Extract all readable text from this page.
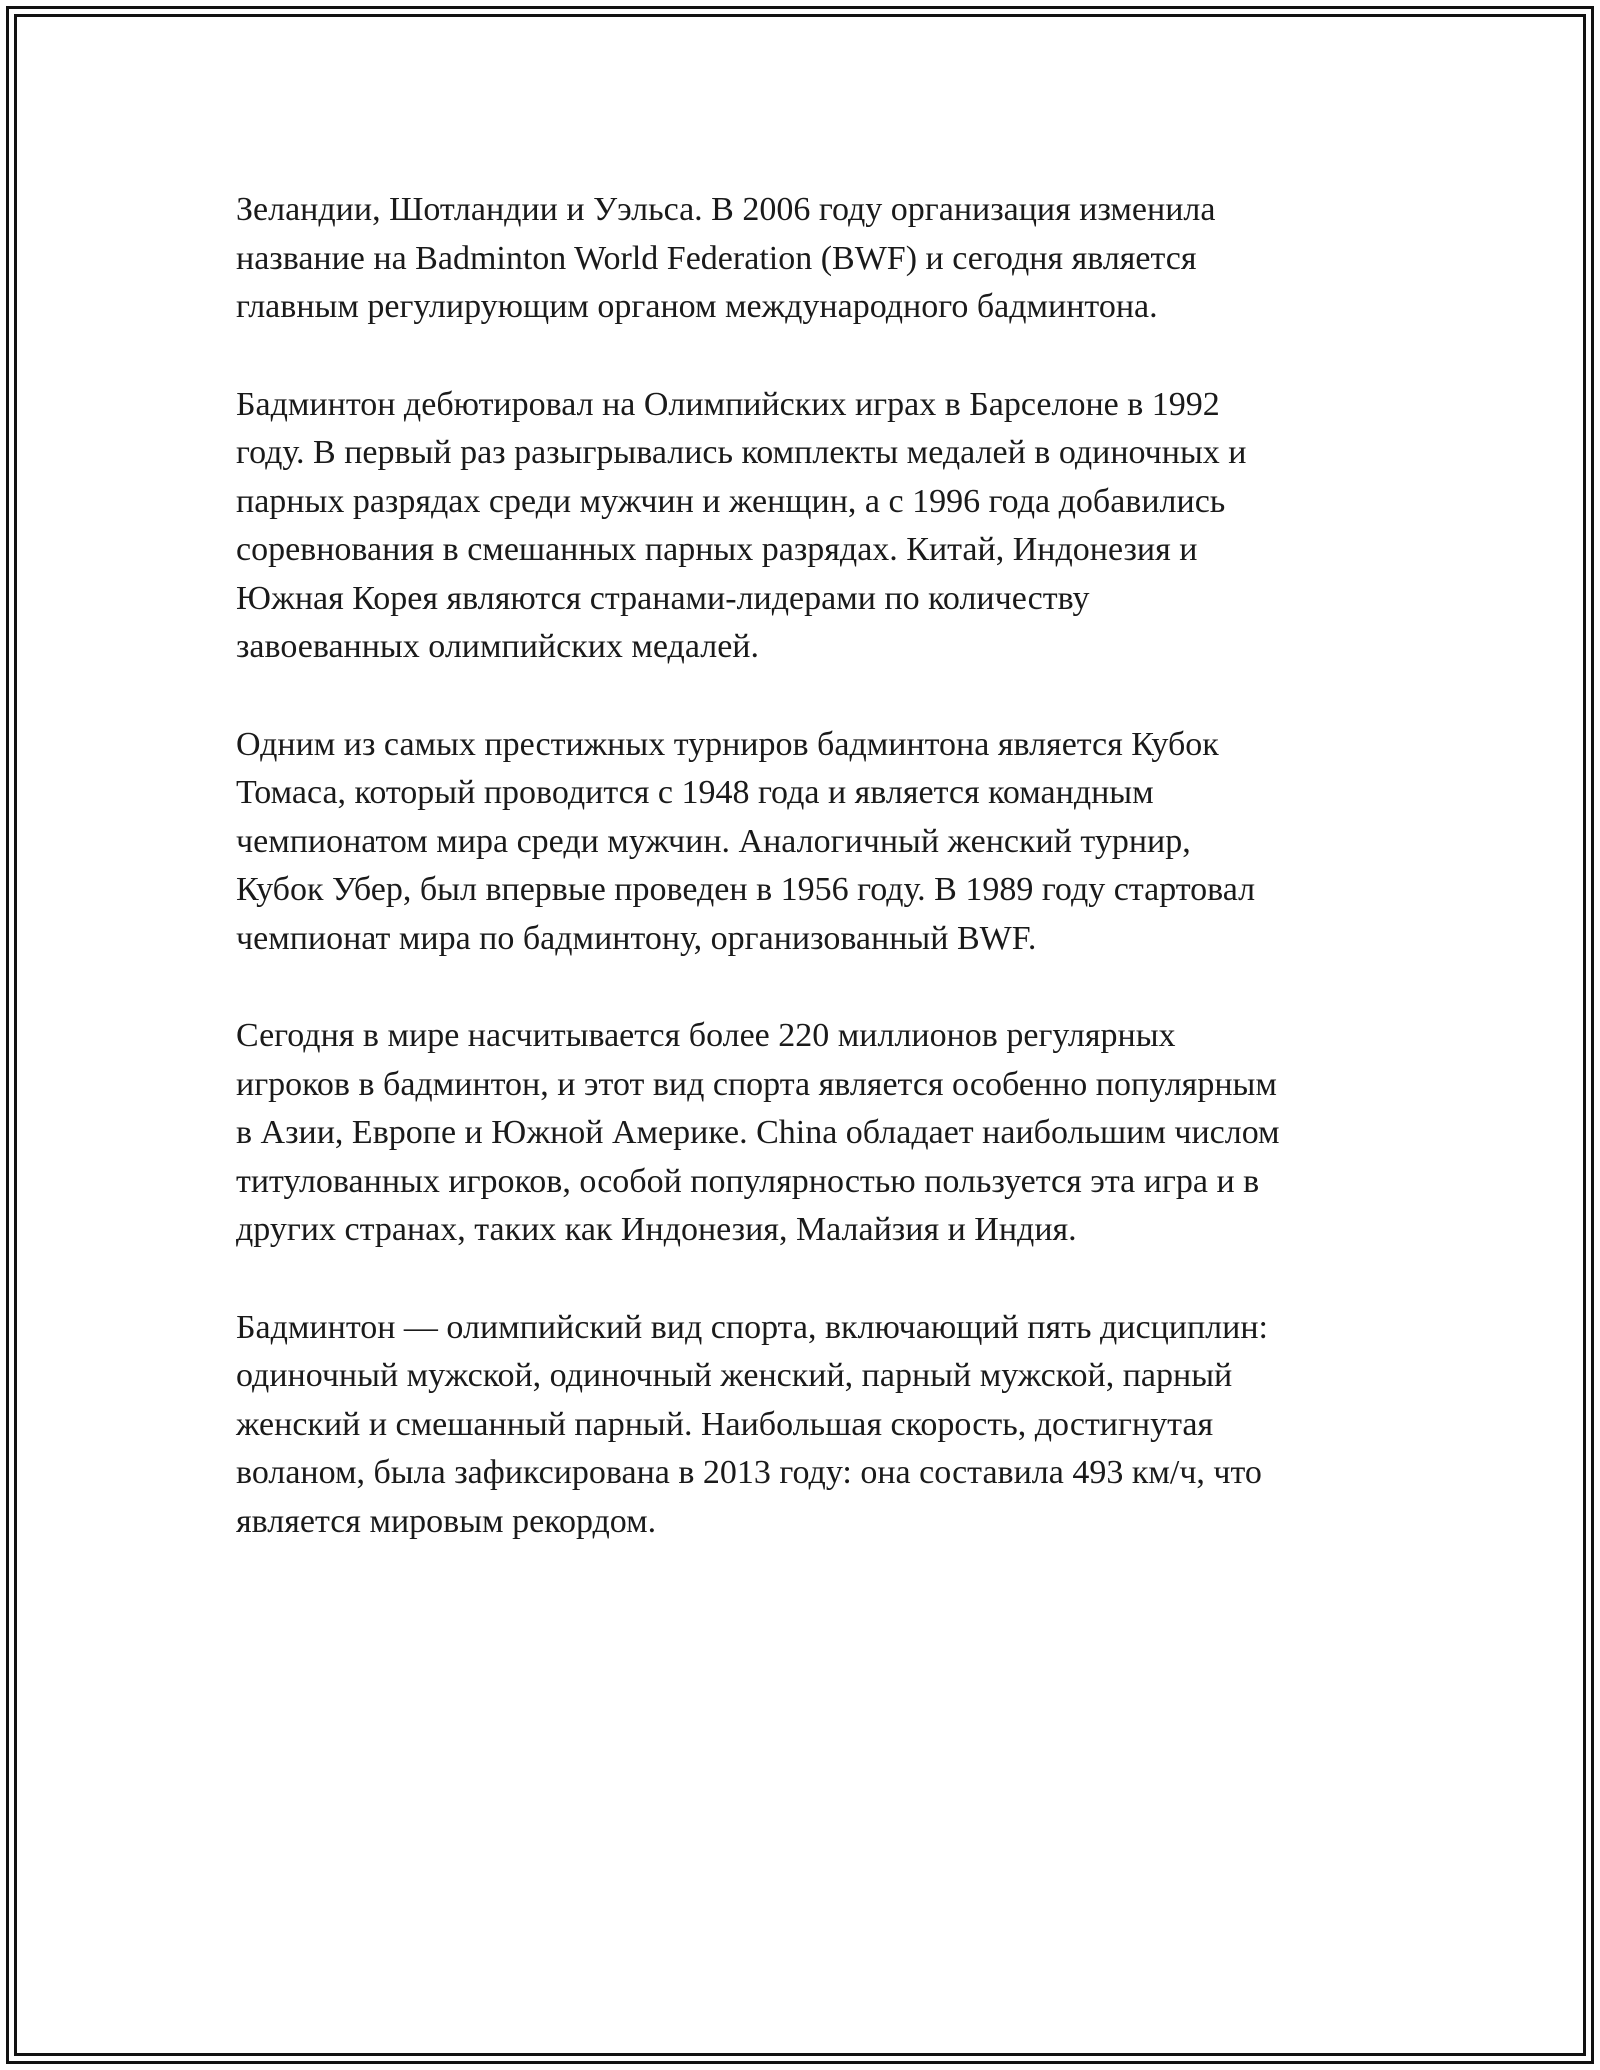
Зеландии, Шотландии и Уэльса. В 2006 году организация изменила
название на Badminton World Federation (BWF) и сегодня является
главным регулирующим органом международного бадминтона.

Бадминтон дебютировал на Олимпийских играх в Барселоне в 1992
году. В первый раз разыгрывались комплекты медалей в одиночных и
парных разрядах среди мужчин и женщин, а с 1996 года добавились
соревнования в смешанных парных разрядах. Китай, Индонезия и
Южная Корея являются странами-лидерами по количеству
завоеванных олимпийских медалей.

Одним из самых престижных турниров бадминтона является Кубок
Томаса, который проводится с 1948 года и является командным
чемпионатом мира среди мужчин. Аналогичный женский турнир,
Кубок Убер, был впервые проведен в 1956 году. В 1989 году стартовал
чемпионат мира по бадминтону, организованный BWF.

Сегодня в мире насчитывается более 220 миллионов регулярных
игроков в бадминтон, и этот вид спорта является особенно популярным
в Азии, Европе и Южной Америке. China обладает наибольшим числом
титулованных игроков, особой популярностью пользуется эта игра и в
других странах, таких как Индонезия, Малайзия и Индия.

Бадминтон — олимпийский вид спорта, включающий пять дисциплин:
одиночный мужской, одиночный женский, парный мужской, парный
женский и смешанный парный. Наибольшая скорость, достигнутая
воланом, была зафиксирована в 2013 году: она составила 493 км/ч, что
является мировым рекордом.
